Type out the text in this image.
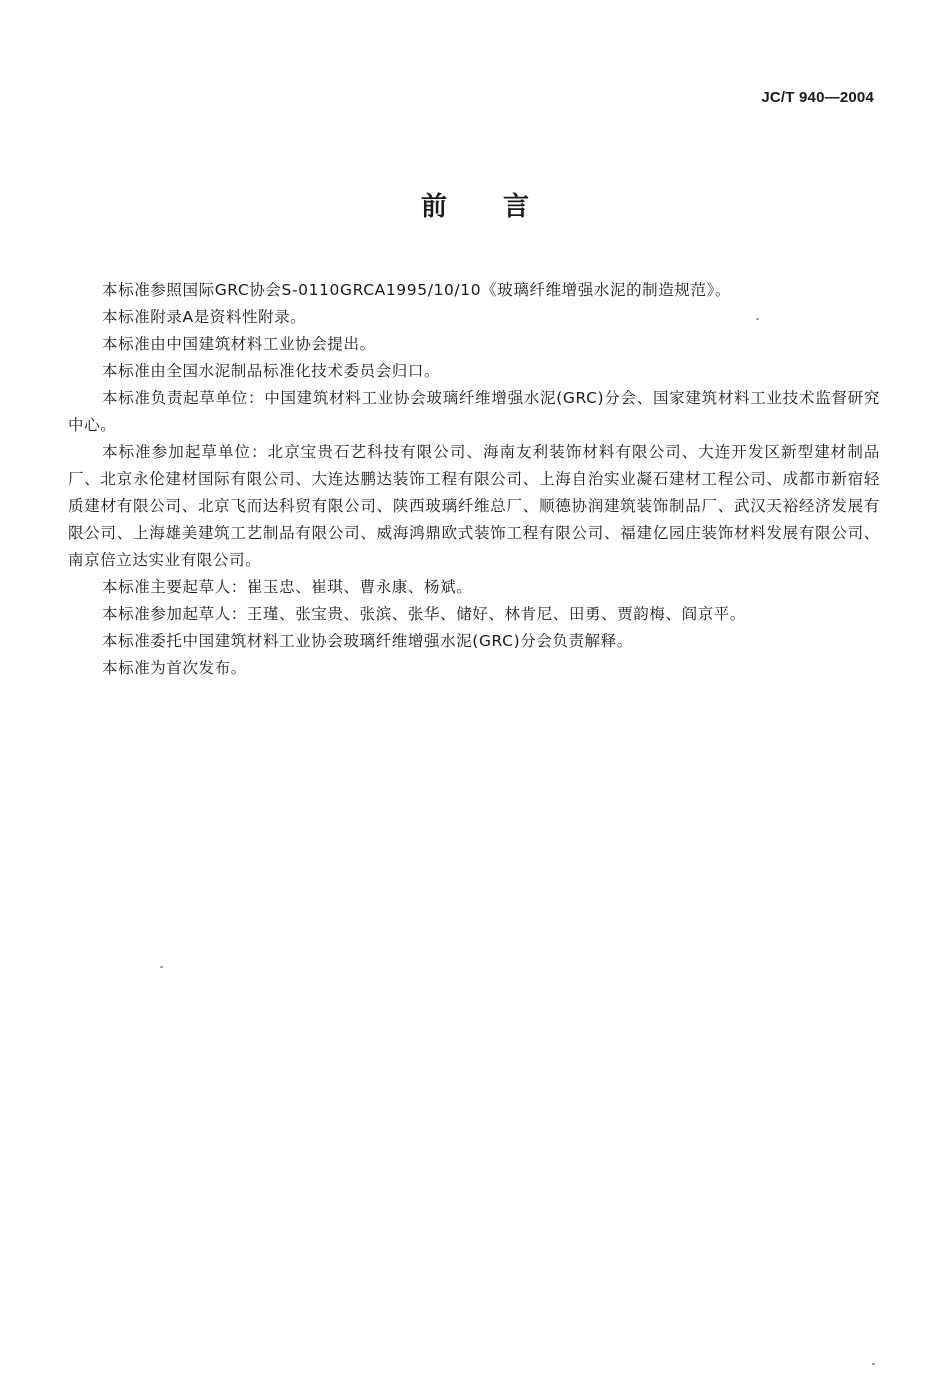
JC/T 940—2004
前言

本标准参照国际GRC协会S-0110GRCA1995/10/10《玻璃纤维增强水泥的制造规范》。

本标准附录A是资料性附录。

本标准由中国建筑材料工业协会提出。

本标准由全国水泥制品标准化技术委员会归口。

本标准负责起草单位：中国建筑材料工业协会玻璃纤维增强水泥(GRC)分会、国家建筑材料工业技术监督研究中心。

本标准参加起草单位：北京宝贵石艺科技有限公司、海南友利装饰材料有限公司、大连开发区新型建材制品厂、北京永伦建材国际有限公司、大连达鹏达装饰工程有限公司、上海自治实业凝石建材工程公司、成都市新宿轻质建材有限公司、北京飞而达科贸有限公司、陕西玻璃纤维总厂、顺德协润建筑装饰制品厂、武汉天裕经济发展有限公司、上海雄美建筑工艺制品有限公司、威海鸿鼎欧式装饰工程有限公司、福建亿园庄装饰材料发展有限公司、南京倍立达实业有限公司。

本标准主要起草人：崔玉忠、崔琪、曹永康、杨斌。

本标准参加起草人：王瑾、张宝贵、张滨、张华、储好、林肯尼、田勇、贾韵梅、阎京平。

本标准委托中国建筑材料工业协会玻璃纤维增强水泥(GRC)分会负责解释。

本标准为首次发布。
